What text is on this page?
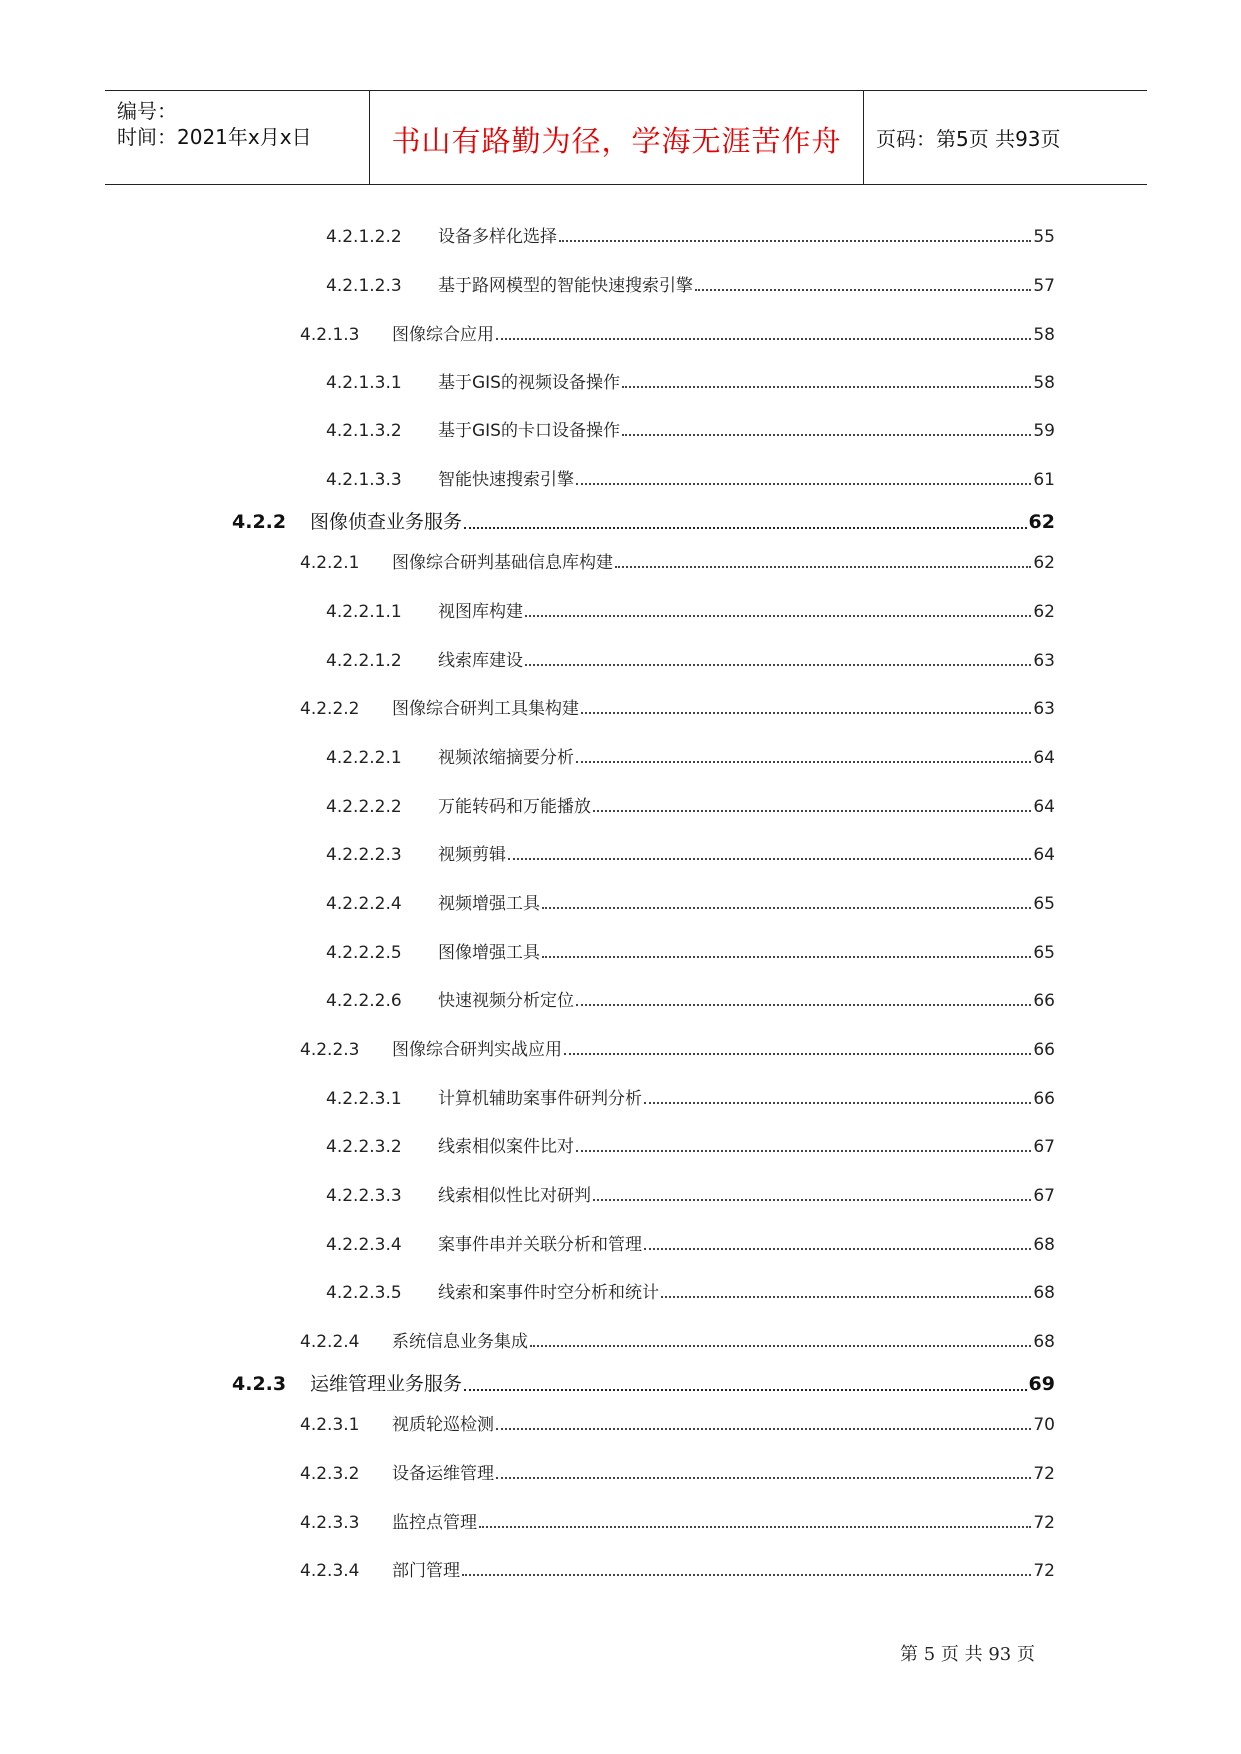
编号：
时间：2021年x月x日	书山有路勤为径，学海无涯苦作舟	页码：第5页 共93页
4.2.1.2.2	设备多样化选择	55
4.2.1.2.3	基于路网模型的智能快速搜索引擎	57
4.2.1.3	图像综合应用	58
4.2.1.3.1	基于GIS的视频设备操作	58
4.2.1.3.2	基于GIS的卡口设备操作	59
4.2.1.3.3	智能快速搜索引擎	61
4.2.2	图像侦查业务服务	62
4.2.2.1	图像综合研判基础信息库构建	62
4.2.2.1.1	视图库构建	62
4.2.2.1.2	线索库建设	63
4.2.2.2	图像综合研判工具集构建	63
4.2.2.2.1	视频浓缩摘要分析	64
4.2.2.2.2	万能转码和万能播放	64
4.2.2.2.3	视频剪辑	64
4.2.2.2.4	视频增强工具	65
4.2.2.2.5	图像增强工具	65
4.2.2.2.6	快速视频分析定位	66
4.2.2.3	图像综合研判实战应用	66
4.2.2.3.1	计算机辅助案事件研判分析	66
4.2.2.3.2	线索相似案件比对	67
4.2.2.3.3	线索相似性比对研判	67
4.2.2.3.4	案事件串并关联分析和管理	68
4.2.2.3.5	线索和案事件时空分析和统计	68
4.2.2.4	系统信息业务集成	68
4.2.3	运维管理业务服务	69
4.2.3.1	视质轮巡检测	70
4.2.3.2	设备运维管理	72
4.2.3.3	监控点管理	72
4.2.3.4	部门管理	72
第 5 页 共 93 页
